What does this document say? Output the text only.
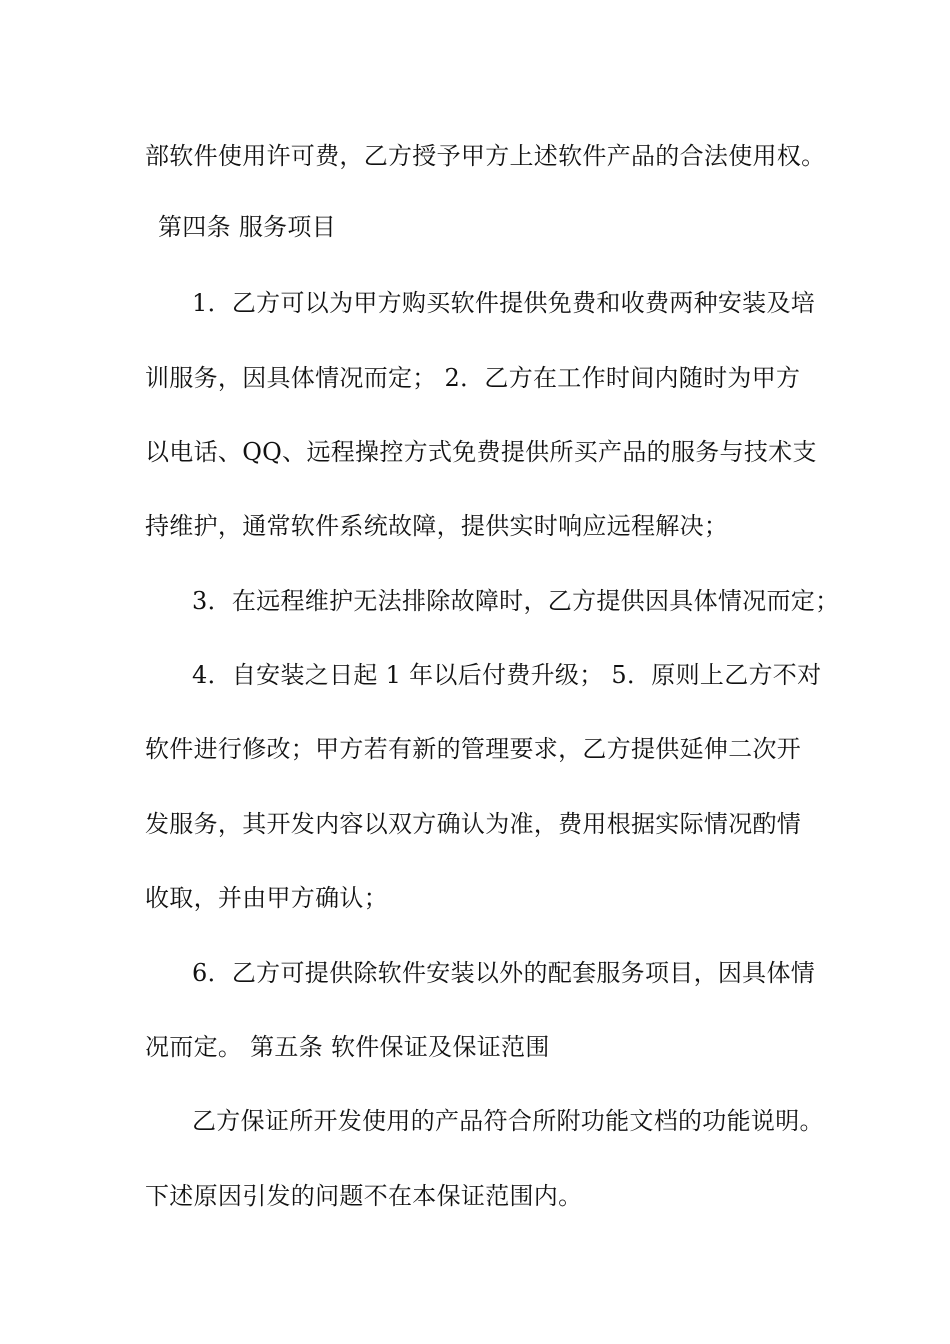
部软件使用许可费，乙方授予甲方上述软件产品的合法使用权。
第四条 服务项目
1．乙方可以为甲方购买软件提供免费和收费两种安装及培
训服务，因具体情况而定； 2．乙方在工作时间内随时为甲方
以电话、QQ、远程操控方式免费提供所买产品的服务与技术支
持维护，通常软件系统故障，提供实时响应远程解决；
3．在远程维护无法排除故障时，乙方提供因具体情况而定；
4．自安装之日起 1 年以后付费升级； 5．原则上乙方不对
软件进行修改；甲方若有新的管理要求，乙方提供延伸二次开
发服务，其开发内容以双方确认为准，费用根据实际情况酌情
收取，并由甲方确认；
6．乙方可提供除软件安装以外的配套服务项目，因具体情
况而定。 第五条 软件保证及保证范围
乙方保证所开发使用的产品符合所附功能文档的功能说明。
下述原因引发的问题不在本保证范围内。
